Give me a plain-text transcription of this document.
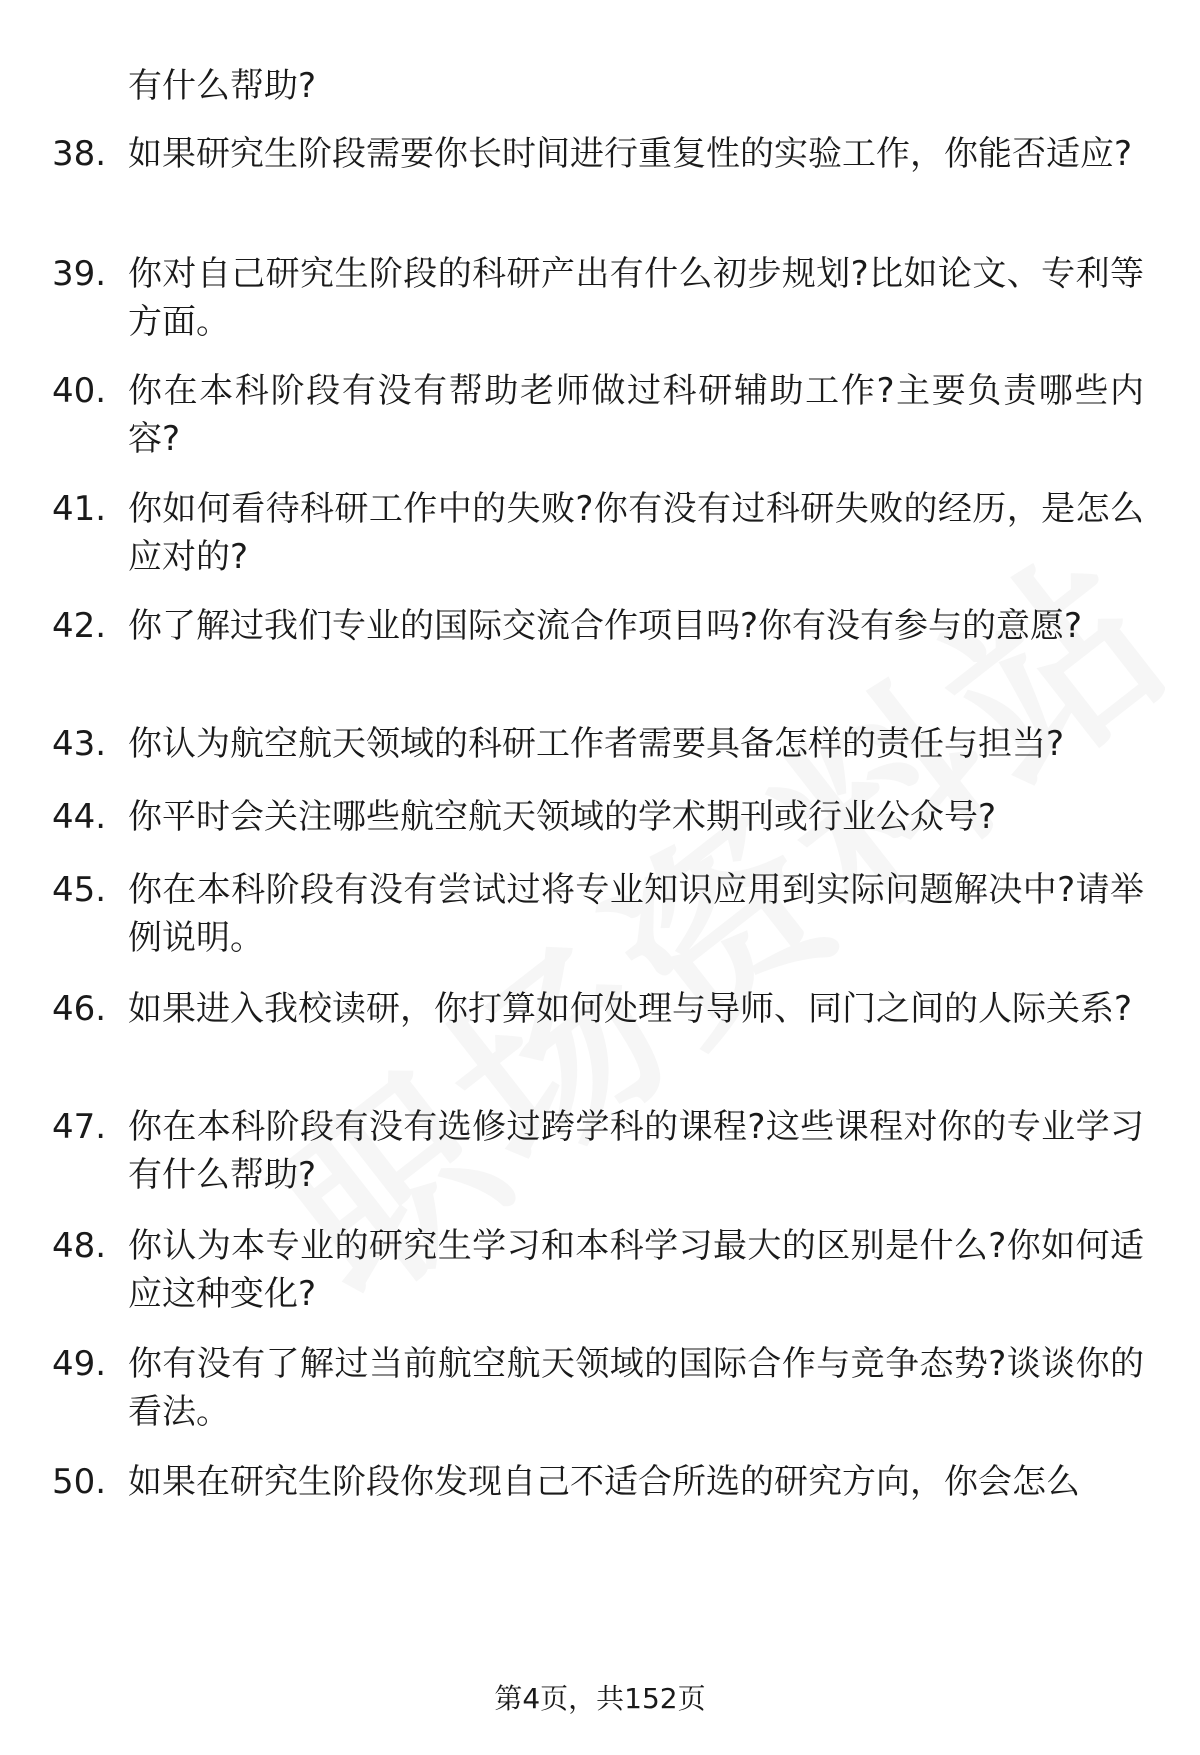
有什么帮助?

38. 如果研究生阶段需要你长时间进行重复性的实验工作，你能否适应?

39. 你对自己研究生阶段的科研产出有什么初步规划?比如论文、专利等方面。

40. 你在本科阶段有没有帮助老师做过科研辅助工作?主要负责哪些内容?

41. 你如何看待科研工作中的失败?你有没有过科研失败的经历，是怎么应对的?

42. 你了解过我们专业的国际交流合作项目吗?你有没有参与的意愿?

43. 你认为航空航天领域的科研工作者需要具备怎样的责任与担当?

44. 你平时会关注哪些航空航天领域的学术期刊或行业公众号?

45. 你在本科阶段有没有尝试过将专业知识应用到实际问题解决中?请举例说明。

46. 如果进入我校读研，你打算如何处理与导师、同门之间的人际关系?

47. 你在本科阶段有没有选修过跨学科的课程?这些课程对你的专业学习有什么帮助?

48. 你认为本专业的研究生学习和本科学习最大的区别是什么?你如何适应这种变化?

49. 你有没有了解过当前航空航天领域的国际合作与竞争态势?谈谈你的看法。

50. 如果在研究生阶段你发现自己不适合所选的研究方向，你会怎么

第4页，共152页
